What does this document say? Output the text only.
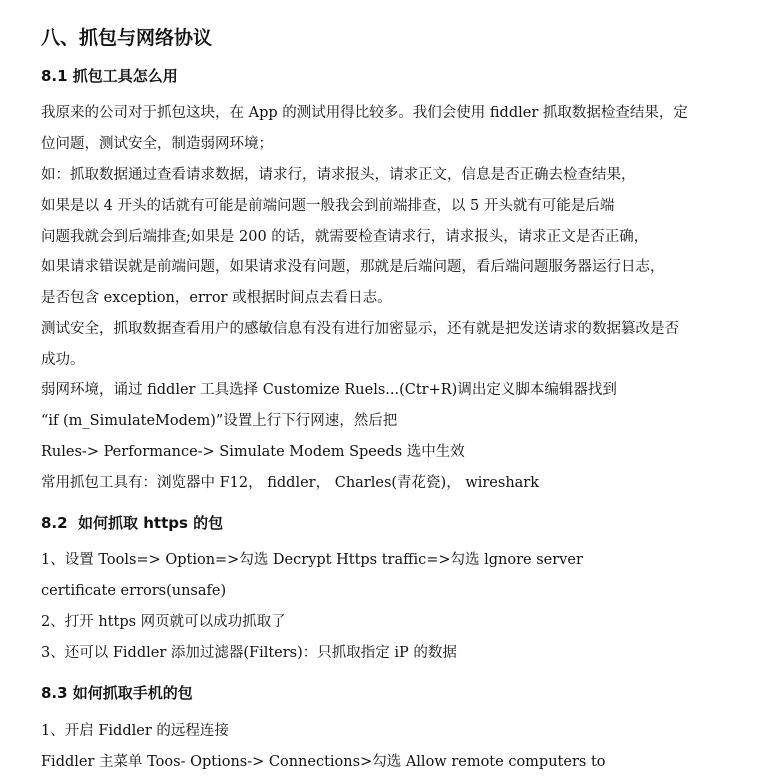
八、抓包与网络协议
8.1 抓包工具怎么用

我原来的公司对于抓包这块，在 App 的测试用得比较多。我们会使用 fiddler 抓取数据检查结果，定

位问题，测试安全，制造弱网环境；

如：抓取数据通过查看请求数据，请求行，请求报头，请求正文，信息是否正确去检查结果，

如果是以 4 开头的话就有可能是前端问题一般我会到前端排查，以 5 开头就有可能是后端

问题我就会到后端排查;如果是 200 的话，就需要检查请求行，请求报头，请求正文是否正确，

如果请求错误就是前端问题，如果请求没有问题，那就是后端问题，看后端问题服务器运行日志，

是否包含 exception，error 或根据时间点去看日志。

测试安全，抓取数据查看用户的感敏信息有没有进行加密显示，还有就是把发送请求的数据篡改是否

成功。

弱网环境，诵过 fiddler 工具选择 Customize Ruels...(Ctr+R)调出定义脚本编辑器找到

“if (m_SimulateModem)”设置上行下行网速，然后把

Rules-> Performance-> Simulate Modem Speeds 选中生效

常用抓包工具有：浏览器中 F12， fiddler， Charles(青花瓷)， wireshark

8.2  如何抓取 https 的包

1、设置 Tools=> Option=>勾选 Decrypt Https traffic=>勾选 lgnore server

certificate errors(unsafe)

2、打开 https 网页就可以成功抓取了

3、还可以 Fiddler 添加过滤器(Filters)：只抓取指定 iP 的数据

8.3 如何抓取手机的包

1、开启 Fiddler 的远程连接

Fiddler 主菜单 Toos- Options-> Connections>勾选 Allow remote computers to
